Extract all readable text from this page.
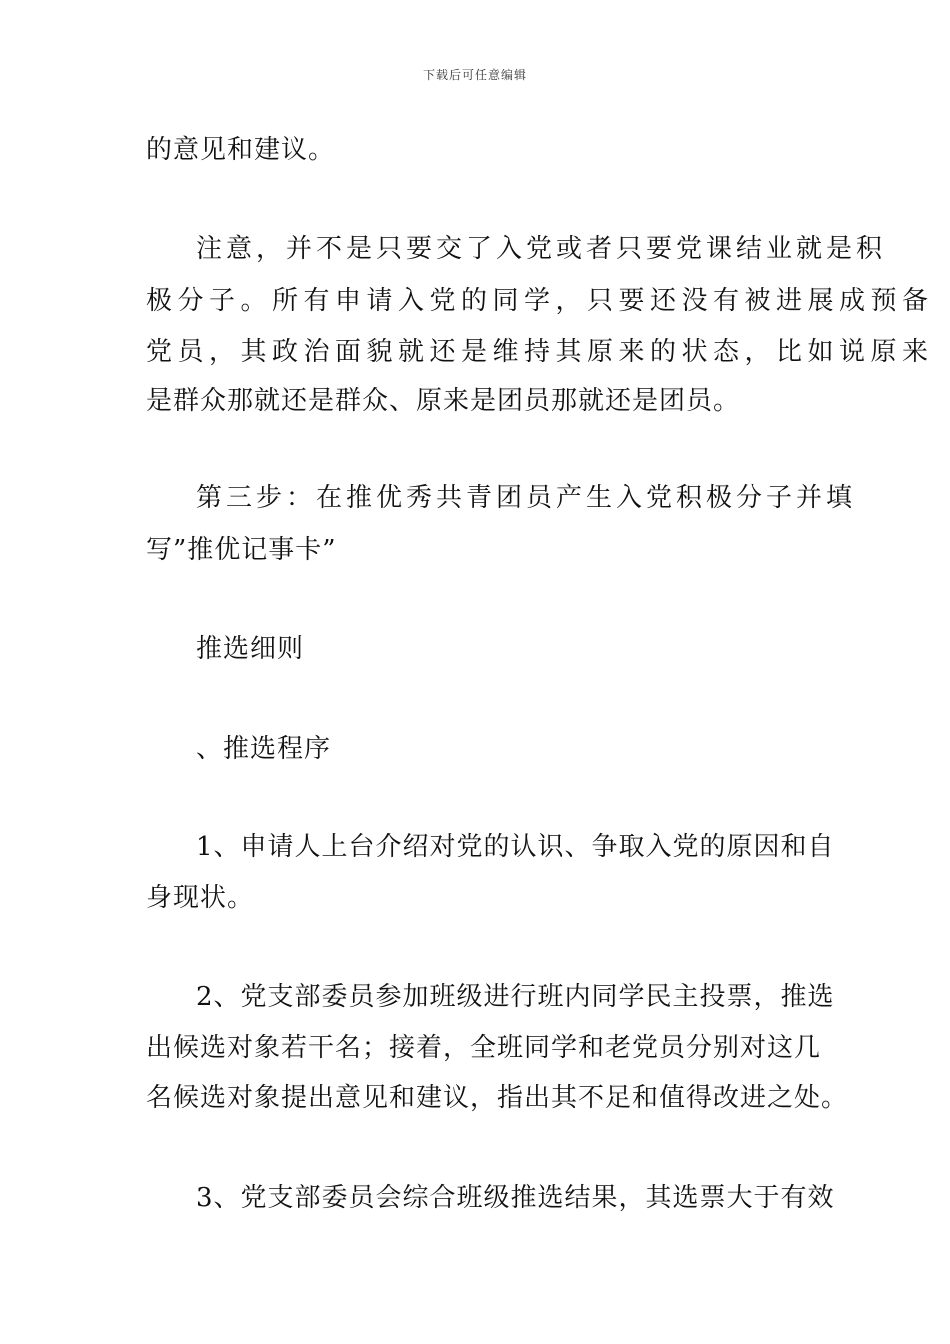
下载后可任意编辑
的意见和建议。
注意，并不是只要交了入党或者只要党课结业就是积
极分子。所有申请入党的同学，只要还没有被进展成预备
党员，其政治面貌就还是维持其原来的状态，比如说原来
是群众那就还是群众、原来是团员那就还是团员。
第三步：在推优秀共青团员产生入党积极分子并填
写”推优记事卡”
推选细则
、推选程序
1、申请人上台介绍对党的认识、争取入党的原因和自
身现状。
2、党支部委员参加班级进行班内同学民主投票，推选
出候选对象若干名；接着，全班同学和老党员分别对这几
名候选对象提出意见和建议，指出其不足和值得改进之处。
3、党支部委员会综合班级推选结果，其选票大于有效
